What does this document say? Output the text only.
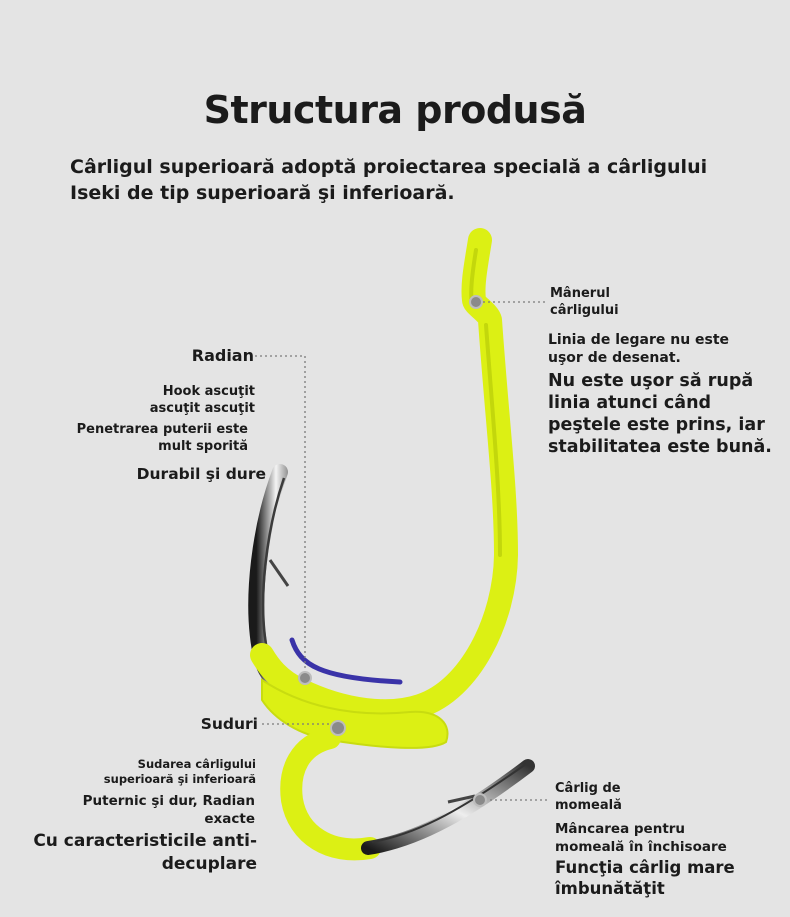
Structura produsă
Cârligul superioară adoptă proiectarea specială a cârligului
Iseki de tip superioară şi inferioară.
Mânerul
cârligului
Linia de legare nu este
uşor de desenat.
Nu este uşor să rupă
linia atunci când
peştele este prins, iar
stabilitatea este bună.
Radian
Hook ascuţit
ascuţit ascuţit
Penetrarea puterii este
mult sporită
Durabil şi dure
Suduri
Sudarea cârligului
superioară şi inferioară
Puternic şi dur, Radian
exacte
Cu caracteristicile anti-
decuplare
Cârlig de
momeală
Mâncarea pentru
momeală în închisoare
Funcţia cârlig mare
îmbunătăţit
